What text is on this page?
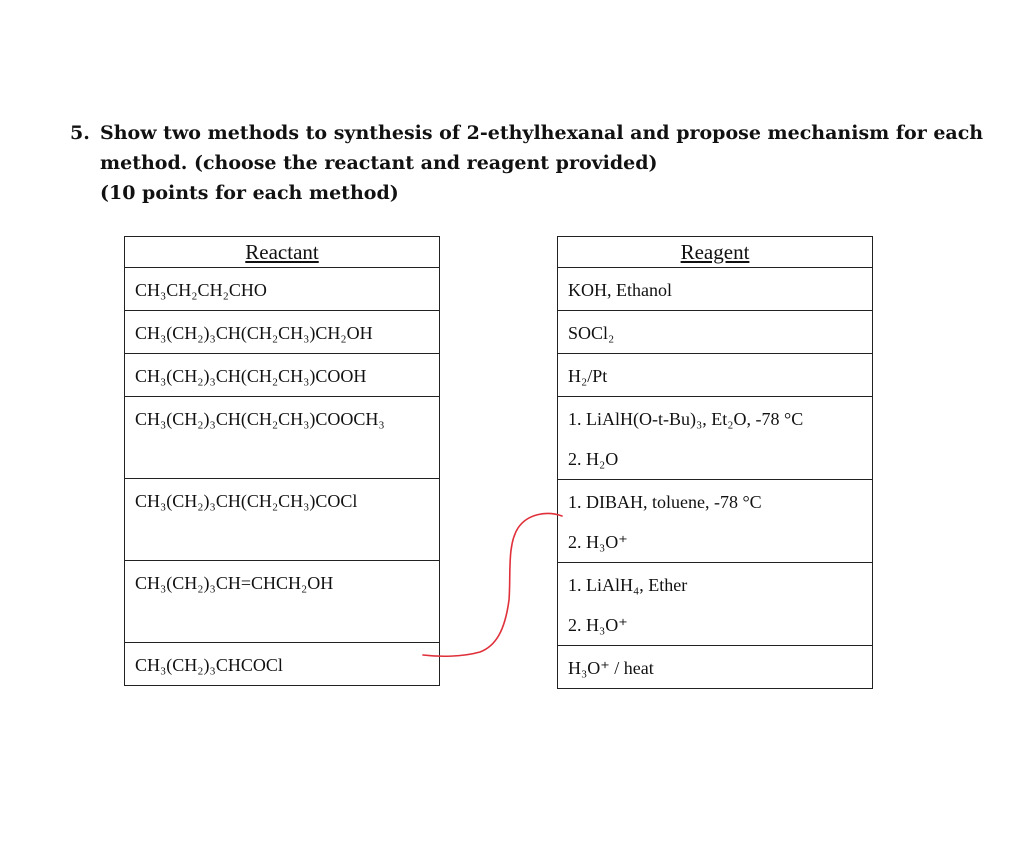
5. Show two methods to synthesis of 2-ethylhexanal and propose mechanism for each
method. (choose the reactant and reagent provided)
(10 points for each method)
Reactant

CH₃CH₂CH₂CHO

CH₃(CH₂)₃CH(CH₂CH₃)CH₂OH

CH₃(CH₂)₃CH(CH₂CH₃)COOH

CH₃(CH₂)₃CH(CH₂CH₃)COOCH₃

CH₃(CH₂)₃CH(CH₂CH₃)COCl

CH₃(CH₂)₃CH=CHCH₂OH

CH₃(CH₂)₃CHCOCl
Reagent

KOH, Ethanol

SOCl₂

H₂/Pt

1. LiAlH(O-t-Bu)₃, Et₂O, -78 °C
2. H₂O

1. DIBAH, toluene, -78 °C
2. H₃O⁺

1. LiAlH₄, Ether
2. H₃O⁺

H₃O⁺ / heat
